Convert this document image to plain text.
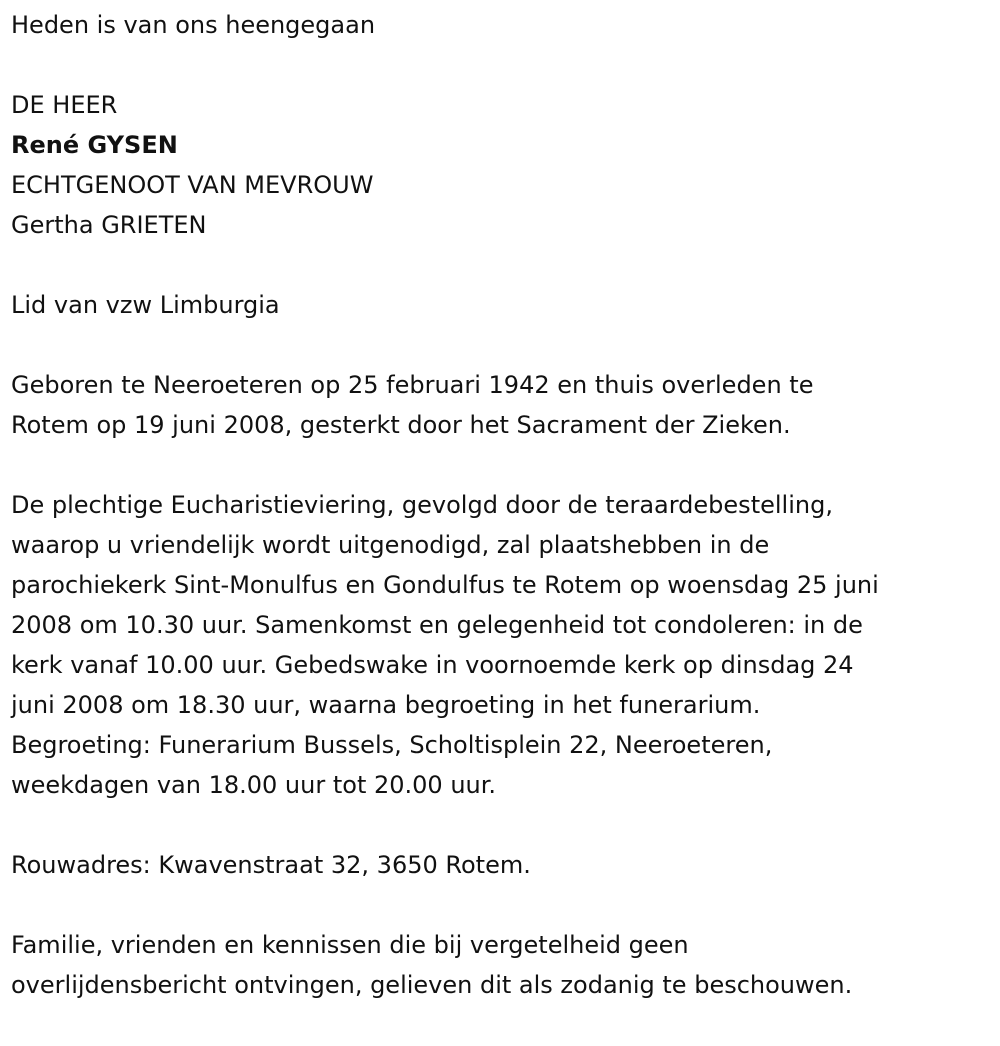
Heden is van ons heengegaan

DE HEER

René GYSEN

ECHTGENOOT VAN MEVROUW

Gertha GRIETEN

Lid van vzw Limburgia

Geboren te Neeroeteren op 25 februari 1942 en thuis overleden te

Rotem op 19 juni 2008, gesterkt door het Sacrament der Zieken.

De plechtige Eucharistieviering, gevolgd door de teraardebestelling,

waarop u vriendelijk wordt uitgenodigd, zal plaatshebben in de

parochiekerk Sint-Monulfus en Gondulfus te Rotem op woensdag 25 juni

2008 om 10.30 uur. Samenkomst en gelegenheid tot condoleren: in de

kerk vanaf 10.00 uur. Gebedswake in voornoemde kerk op dinsdag 24

juni 2008 om 18.30 uur, waarna begroeting in het funerarium.

Begroeting: Funerarium Bussels, Scholtisplein 22, Neeroeteren,

weekdagen van 18.00 uur tot 20.00 uur.

Rouwadres: Kwavenstraat 32, 3650 Rotem.

Familie, vrienden en kennissen die bij vergetelheid geen

overlijdensbericht ontvingen, gelieven dit als zodanig te beschouwen.
